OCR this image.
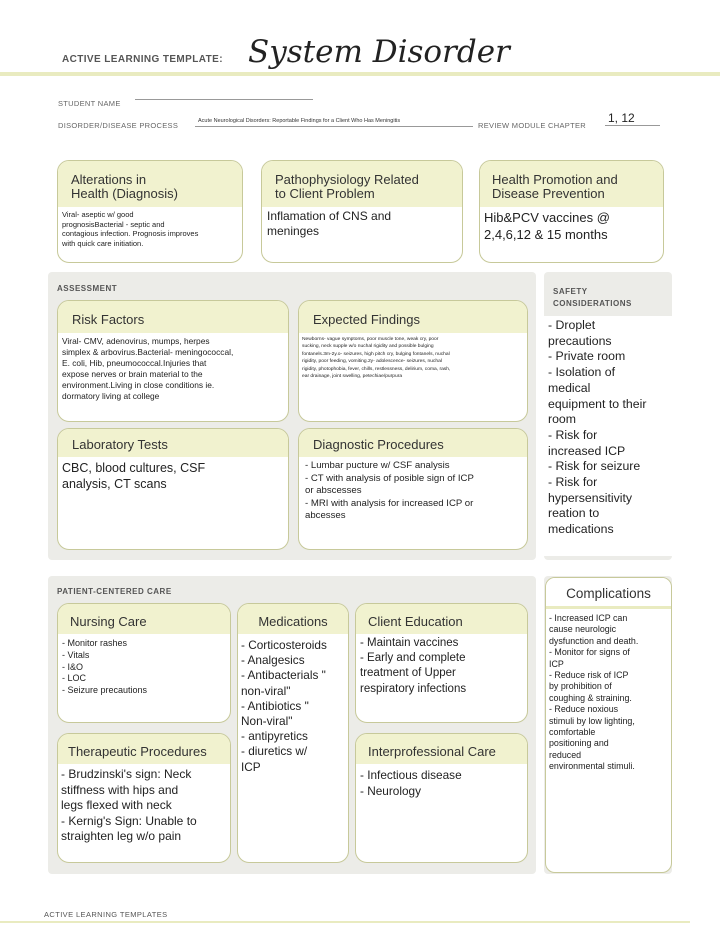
ACTIVE LEARNING TEMPLATE: System Disorder
STUDENT NAME
DISORDER/DISEASE PROCESS	Acute Neurological Disorders: Reportable Findings for a Client Who Has Meningitis	REVIEW MODULE CHAPTER
1, 12
Alterations in
Health (Diagnosis)
Viral- aseptic w/ good
prognosisBacterial - septic and
contagious infection. Prognosis improves
with quick care initiation.
Pathophysiology Related
to Client Problem
Inflamation of CNS and
meninges
Health Promotion and
Disease Prevention
Hib&PCV vaccines @
2,4,6,12 & 15 months
ASSESSMENT
Risk Factors
Viral- CMV, adenovirus, mumps, herpes
simplex & arbovirus.Bacterial- meningococcal,
E. coli, Hib, pneumococcal.Injuries that
expose nerves or brain material to the
environment.Living in close conditions ie.
dormatory living at college
Expected Findings
Newborns- vague symptoms, poor muscle tone, weak cry, poor
sucking, neck supple w/o nuchal rigidity and possible bulging
fontanels.3m-2y.o- seizures, high pitch cry, bulging fontanels, nuchal
rigidity, poor feeding, vomiting.2y- adolescence- seizures, nuchal
rigidity, photophobia, fever, chills, restlessness, delirium, coma, rash,
ear drainage, joint swelling, petechiae/purpura
Laboratory Tests
CBC, blood cultures, CSF
analysis, CT scans
Diagnostic Procedures
- Lumbar pucture w/ CSF analysis
- CT with analysis of posible sign of ICP
or abscesses
- MRI with analysis for increased ICP or
abcesses
SAFETY
CONSIDERATIONS
- Droplet
precautions
- Private room
- Isolation of
medical
equipment to their
room
- Risk for
increased ICP
- Risk for seizure
- Risk for
hypersensitivity
reation to
medications
PATIENT-CENTERED CARE
Nursing Care
- Monitor rashes
- Vitals
- I&O
- LOC
- Seizure precautions
Medications
- Corticosteroids
- Analgesics
- Antibacterials "
non-viral"
- Antibiotics "
Non-viral"
- antipyretics
- diuretics w/
ICP
Client Education
- Maintain vaccines
- Early and complete
treatment of Upper
respiratory infections
Therapeutic Procedures
- Brudzinski's sign: Neck
stiffness with hips and
legs flexed with neck
- Kernig's Sign: Unable to
straighten leg w/o pain
Interprofessional Care
- Infectious disease
- Neurology
Complications
- Increased ICP can
cause neurologic
dysfunction and death.
- Monitor for signs of
ICP
- Reduce risk of ICP
by prohibition of
coughing & straining.
- Reduce noxious
stimuli by low lighting,
comfortable
positioning and
reduced
environmental stimuli.
ACTIVE LEARNING TEMPLATES
